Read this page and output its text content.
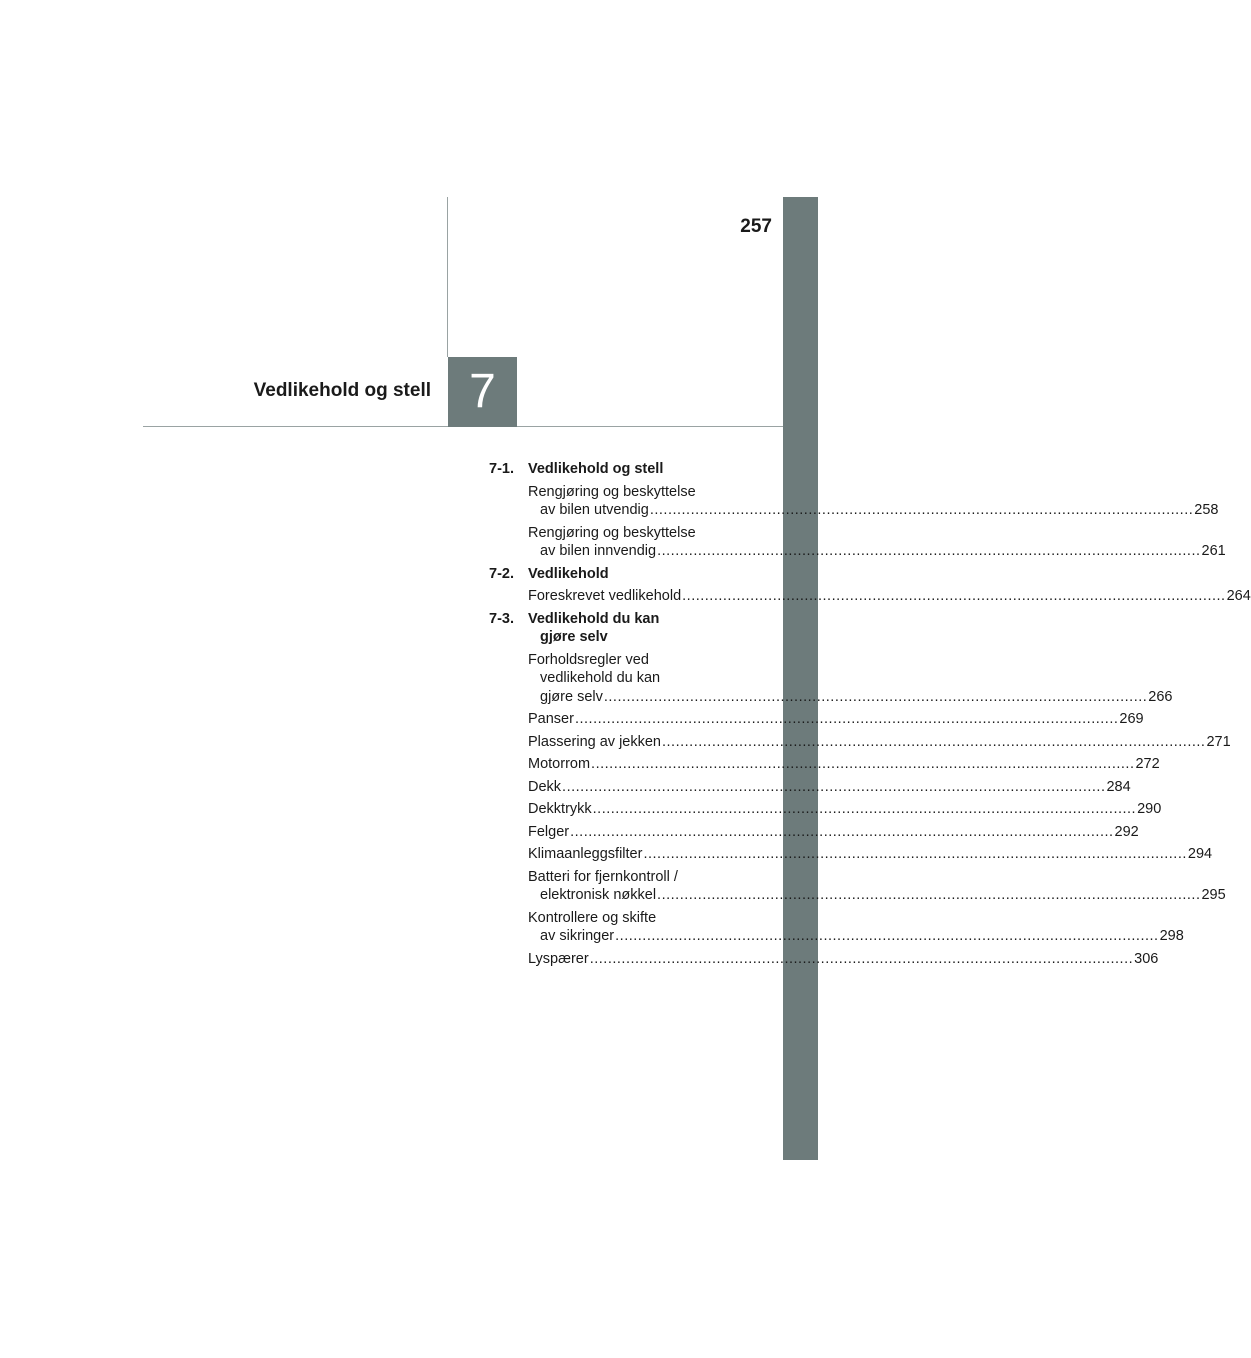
257
7
Vedlikehold og stell
7-1. Vedlikehold og stell
Rengjøring og beskyttelse
av bilen utvendig........................................................................................................................258
Rengjøring og beskyttelse
av bilen innvendig........................................................................................................................261
7-2. Vedlikehold
Foreskrevet vedlikehold........................................................................................................................264
7-3. Vedlikehold du kan
gjøre selv
Forholdsregler ved
vedlikehold du kan
gjøre selv........................................................................................................................266
Panser........................................................................................................................269
Plassering av jekken........................................................................................................................271
Motorrom........................................................................................................................272
Dekk........................................................................................................................284
Dekktrykk........................................................................................................................290
Felger........................................................................................................................292
Klimaanleggsfilter........................................................................................................................294
Batteri for fjernkontroll /
elektronisk nøkkel........................................................................................................................295
Kontrollere og skifte
av sikringer........................................................................................................................298
Lyspærer........................................................................................................................306
